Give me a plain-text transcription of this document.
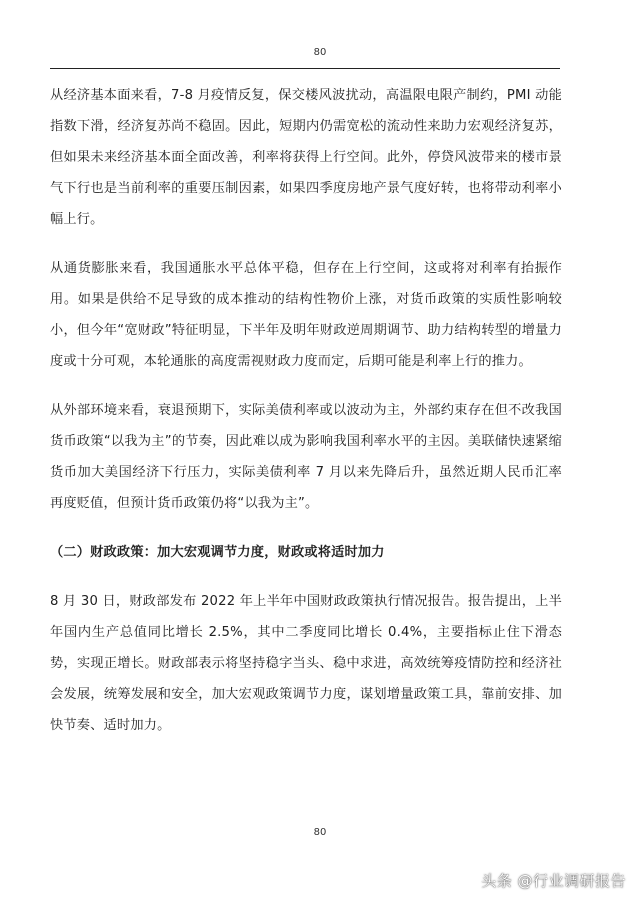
80

从经济基本面来看，7-8 月疫情反复，保交楼风波扰动，高温限电限产制约，PMI 动能指数下滑，经济复苏尚不稳固。因此，短期内仍需宽松的流动性来助力宏观经济复苏，但如果未来经济基本面全面改善，利率将获得上行空间。此外，停贷风波带来的楼市景气下行也是当前利率的重要压制因素，如果四季度房地产景气度好转，也将带动利率小幅上行。

从通货膨胀来看，我国通胀水平总体平稳，但存在上行空间，这或将对利率有抬振作用。如果是供给不足导致的成本推动的结构性物价上涨，对货币政策的实质性影响较小，但今年“宽财政”特征明显，下半年及明年财政逆周期调节、助力结构转型的增量力度或十分可观，本轮通胀的高度需视财政力度而定，后期可能是利率上行的推力。

从外部环境来看，衰退预期下，实际美债利率或以波动为主，外部约束存在但不改我国货币政策“以我为主”的节奏，因此难以成为影响我国利率水平的主因。美联储快速紧缩货币加大美国经济下行压力，实际美债利率 7 月以来先降后升，虽然近期人民币汇率再度贬值，但预计货币政策仍将“以我为主”。

（二）财政政策：加大宏观调节力度，财政或将适时加力

8 月 30 日，财政部发布 2022 年上半年中国财政政策执行情况报告。报告提出，上半年国内生产总值同比增长 2.5%，其中二季度同比增长 0.4%，主要指标止住下滑态势，实现正增长。财政部表示将坚持稳字当头、稳中求进，高效统筹疫情防控和经济社会发展，统筹发展和安全，加大宏观政策调节力度，谋划增量政策工具，靠前安排、加快节奏、适时加力。

80
头条 @行业调研报告
